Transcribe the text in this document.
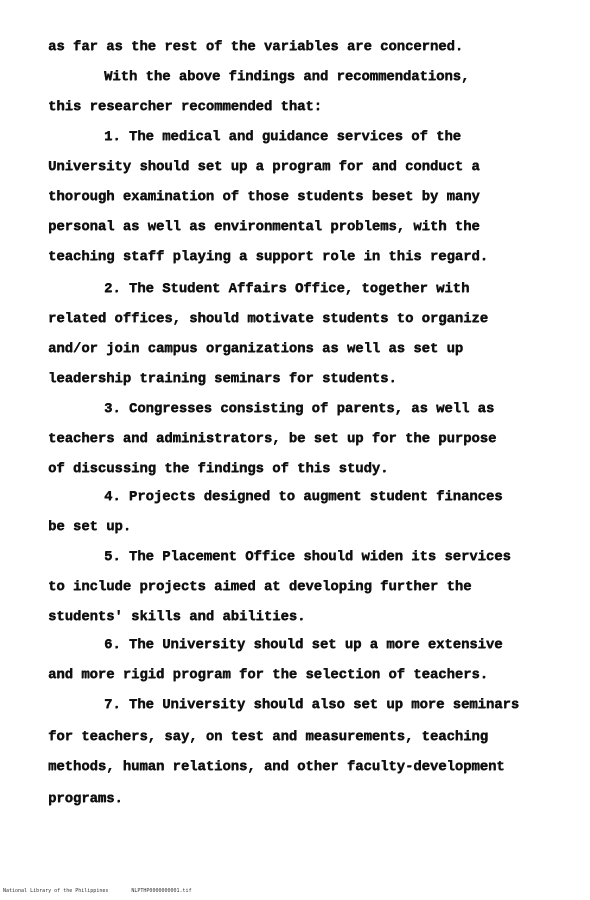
as far as the rest of the variables are concerned.
With the above findings and recommendations,
this researcher recommended that:
1. The medical and guidance services of the
University should set up a program for and conduct a
thorough examination of those students beset by many
personal as well as environmental problems, with the
teaching staff playing a support role in this regard.
2. The Student Affairs Office, together with
related offices, should motivate students to organize
and/or join campus organizations as well as set up
leadership training seminars for students.
3. Congresses consisting of parents, as well as
teachers and administrators, be set up for the purpose
of discussing the findings of this study.
4. Projects designed to augment student finances
be set up.
5. The Placement Office should widen its services
to include projects aimed at developing further the
students' skills and abilities.
6. The University should set up a more extensive
and more rigid program for the selection of teachers.
7. The University should also set up more seminars
for teachers, say, on test and measurements, teaching
methods, human relations, and other faculty-development
programs.
National Library of the Philippines	NLPTHP0000000001.tif
